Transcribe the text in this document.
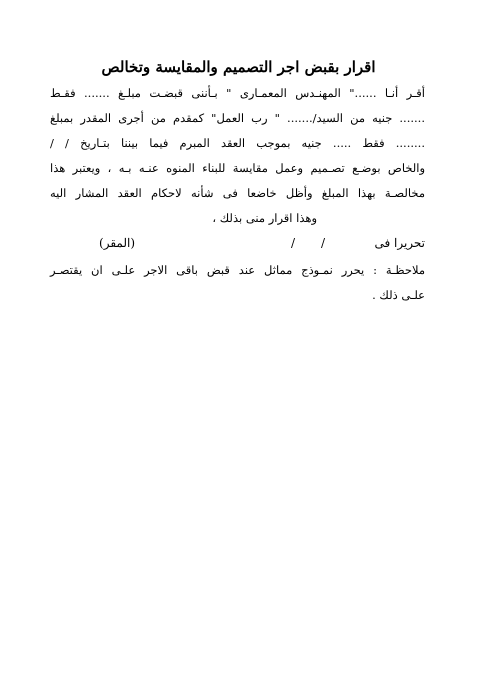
اقرار بقبض اجر التصميم والمقايسة وتخالص
أقـر أنـا ......" المهنـدس المعمـارى " بـأننى قبضـت مبلـغ ....... فقـط
....... جنيه من السيد/....... " رب العمل" كمقدم من أجرى المقدر بمبلغ
........ فقط ..... جنيه بموجب العقد المبرم فيما بيننا بتـاريخ / /
والخاص بوضـع تصـميم وعمل مقايسة للبناء المنوه عنـه بـه ، ويعتبر هذا
مخالصـة بهذا المبلغ وأظل خاضعا فى شأنه لاحكام العقد المشار اليه
وهذا اقرار منى بذلك ،
تحريرا فى
/
/
(المقر)
ملاحظـة : يحرر نمـوذج مماثل عند قبض باقى الاجر علـى ان يقتصـر
علـى ذلك .
